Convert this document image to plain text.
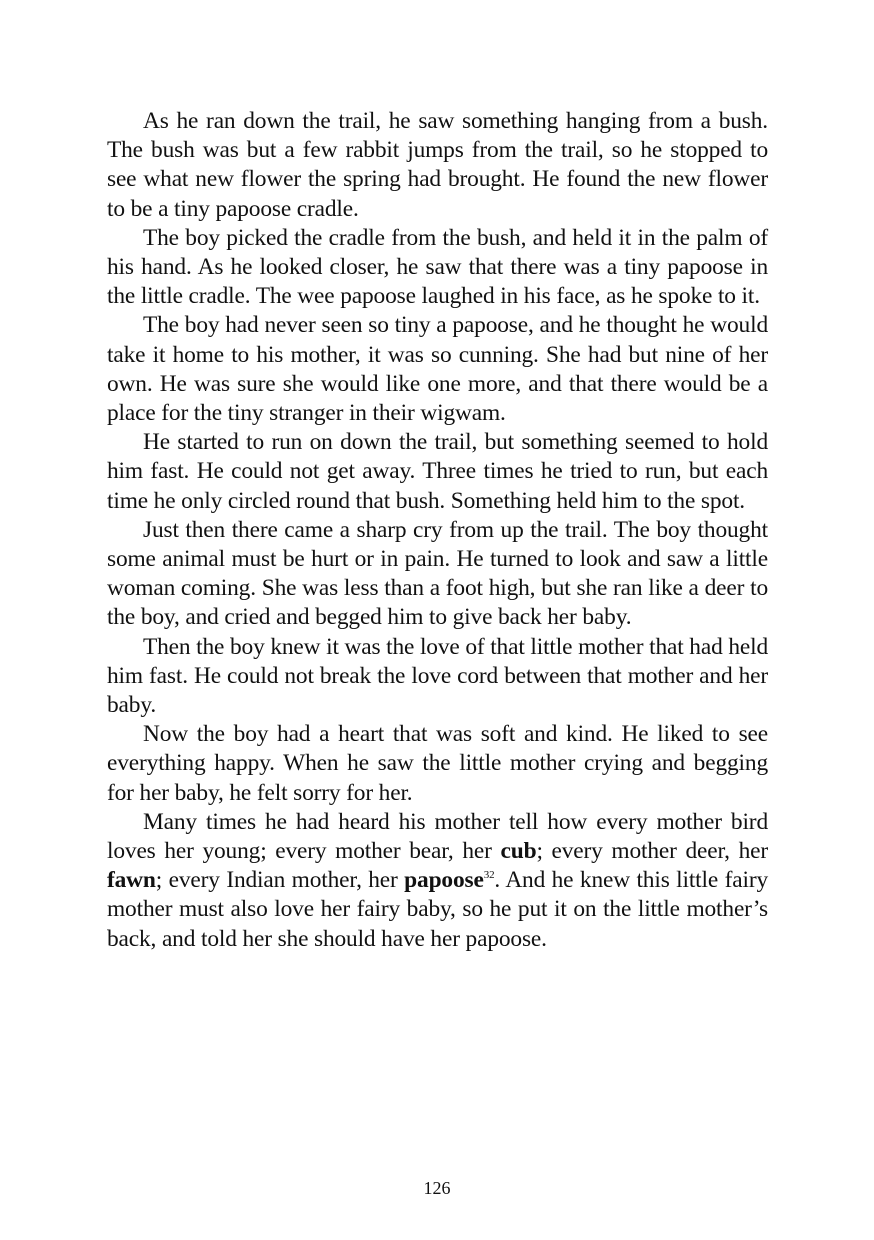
As he ran down the trail, he saw something hanging from a bush. The bush was but a few rabbit jumps from the trail, so he stopped to see what new flower the spring had brought. He found the new flower to be a tiny papoose cradle.

The boy picked the cradle from the bush, and held it in the palm of his hand. As he looked closer, he saw that there was a tiny papoose in the little cradle. The wee papoose laughed in his face, as he spoke to it.

The boy had never seen so tiny a papoose, and he thought he would take it home to his mother, it was so cunning. She had but nine of her own. He was sure she would like one more, and that there would be a place for the tiny stranger in their wigwam.

He started to run on down the trail, but something seemed to hold him fast. He could not get away. Three times he tried to run, but each time he only circled round that bush. Something held him to the spot.

Just then there came a sharp cry from up the trail. The boy thought some animal must be hurt or in pain. He turned to look and saw a little woman coming. She was less than a foot high, but she ran like a deer to the boy, and cried and begged him to give back her baby.

Then the boy knew it was the love of that little mother that had held him fast. He could not break the love cord between that mother and her baby.

Now the boy had a heart that was soft and kind. He liked to see everything happy. When he saw the little mother crying and begging for her baby, he felt sorry for her.

Many times he had heard his mother tell how every mother bird loves her young; every mother bear, her cub; every mother deer, her fawn; every Indian mother, her papoose$^{32}$. And he knew this little fairy mother must also love her fairy baby, so he put it on the little mother’s back, and told her she should have her papoose.

126
